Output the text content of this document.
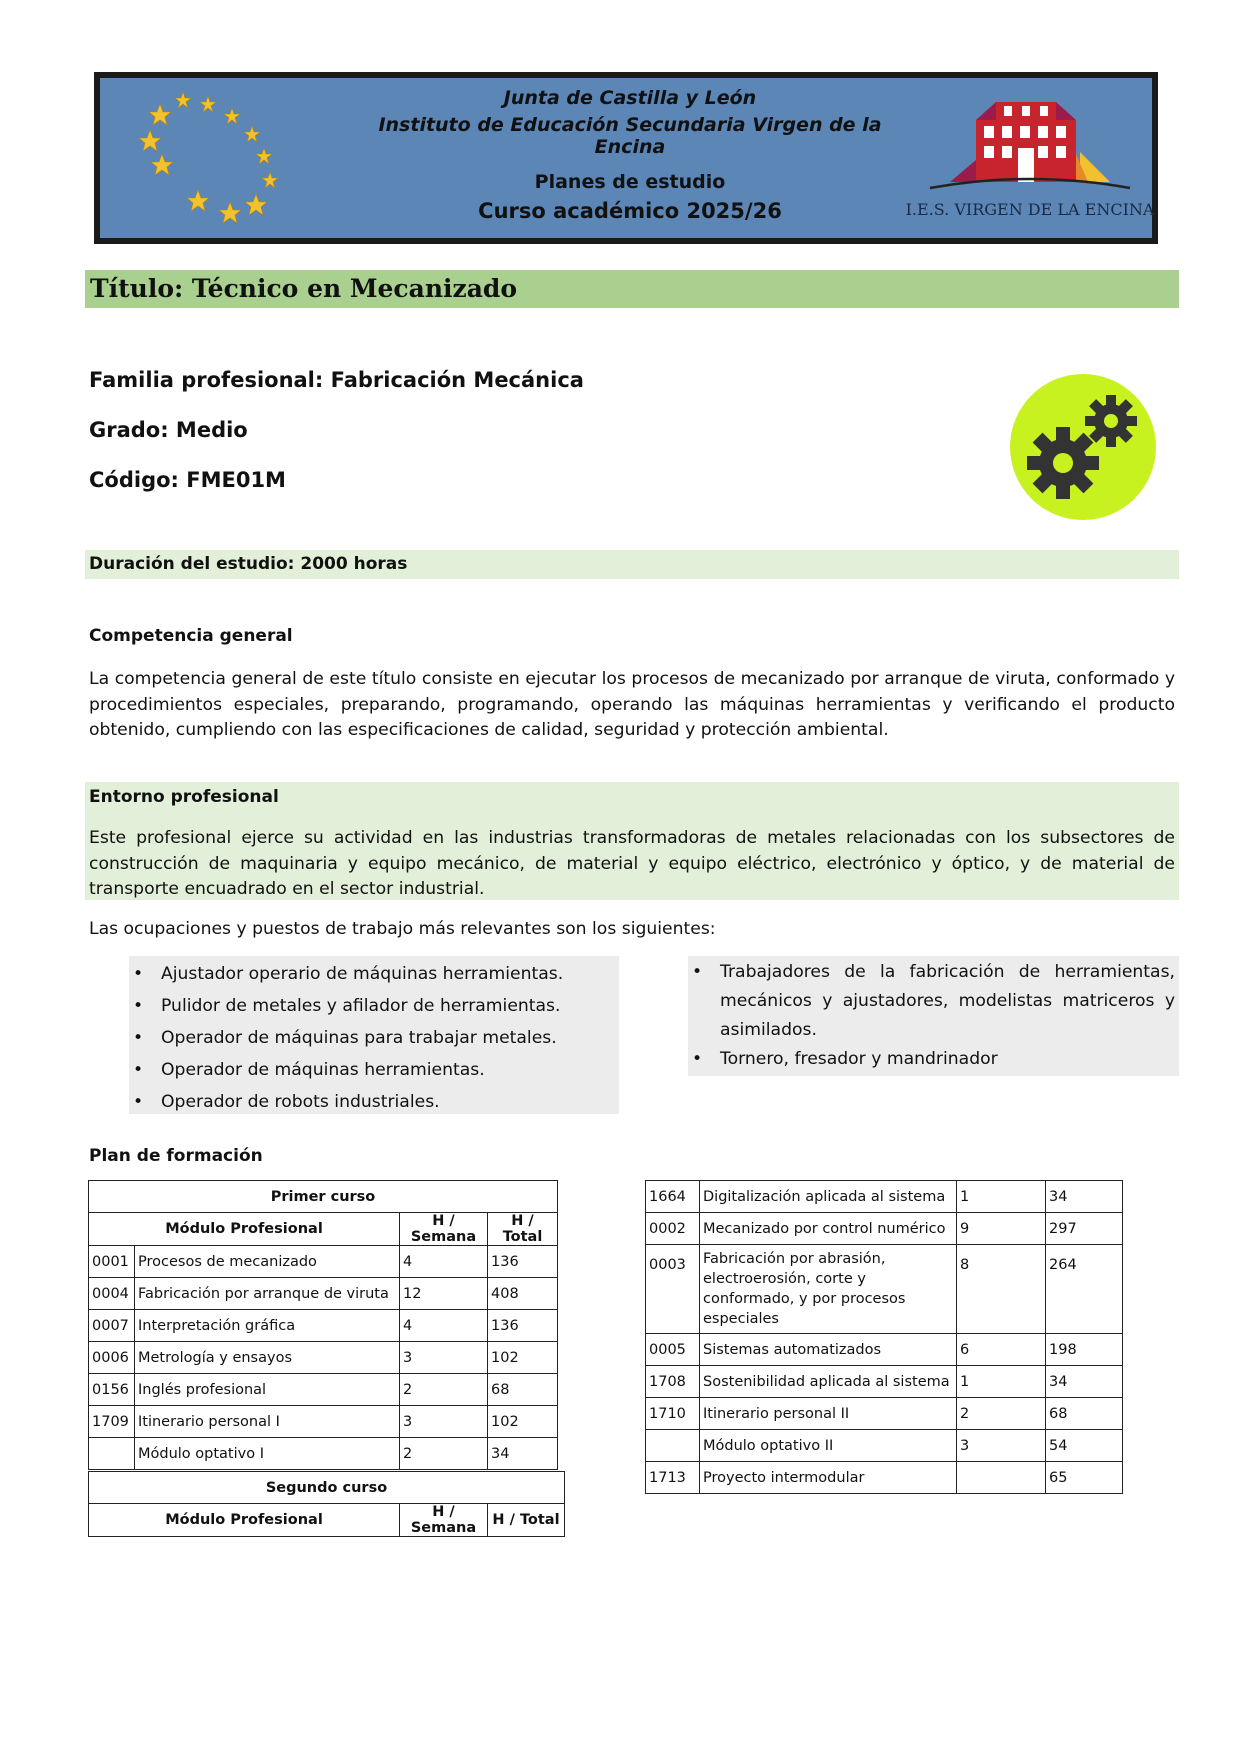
Junta de Castilla y León
Instituto de Educación Secundaria Virgen de la Encina
Planes de estudio
Curso académico 2025/26	I.E.S. VIRGEN DE LA ENCINA
Título: Técnico en Mecanizado
Familia profesional: Fabricación Mecánica
Grado: Medio
Código: FME01M
Duración del estudio: 2000 horas
Competencia general
La competencia general de este título consiste en ejecutar los procesos de mecanizado por arranque de viruta, conformado y procedimientos especiales, preparando, programando, operando las máquinas herramientas y verificando el producto obtenido, cumpliendo con las especificaciones de calidad, seguridad y protección ambiental.
Entorno profesional
Este profesional ejerce su actividad en las industrias transformadoras de metales relacionadas con los subsectores de construcción de maquinaria y equipo mecánico, de material y equipo eléctrico, electrónico y óptico, y de material de transporte encuadrado en el sector industrial.
Las ocupaciones y puestos de trabajo más relevantes son los siguientes:
• Ajustador operario de máquinas herramientas.
• Pulidor de metales y afilador de herramientas.
• Operador de máquinas para trabajar metales.
• Operador de máquinas herramientas.
• Operador de robots industriales.
• Trabajadores de la fabricación de herramientas, mecánicos y ajustadores, modelistas matriceros y asimilados.
• Tornero, fresador y mandrinador
Plan de formación
Primer curso			
Módulo Profesional		H / Semana	H / Total
0001	Procesos de mecanizado	4	136
0004	Fabricación por arranque de viruta	12	408
0007	Interpretación gráfica	4	136
0006	Metrología y ensayos	3	102
0156	Inglés profesional	2	68
1709	Itinerario personal I	3	102
	Módulo optativo I	2	34
Segundo curso
Módulo Profesional	H / Semana	H / Total
1664	Digitalización aplicada al sistema	1	34
0002	Mecanizado por control numérico	9	297
0003	Fabricación por abrasión, electroerosión, corte y conformado, y por procesos especiales	8	264
0005	Sistemas automatizados	6	198
1708	Sostenibilidad aplicada al sistema	1	34
1710	Itinerario personal II	2	68
	Módulo optativo II	3	54
1713	Proyecto intermodular		65
